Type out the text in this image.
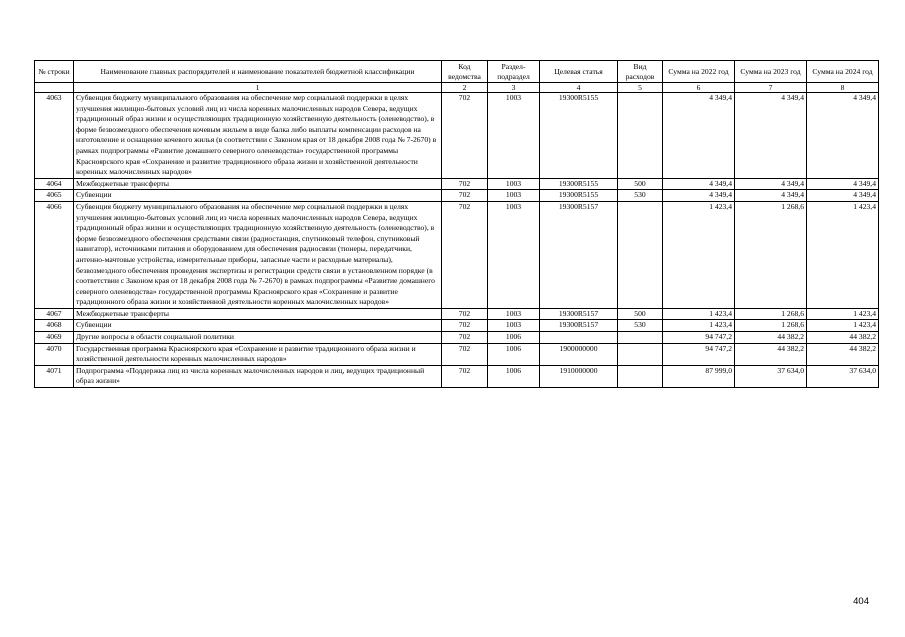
№ строки	Наименование главных распорядителей и наименование показателей бюджетной классификации	Код ведомства	Раздел-подраздел	Целевая статья	Вид расходов	Сумма на 2022 год	Сумма на 2023 год	Сумма на 2024 год
	1	2	3	4	5	6	7	8
4063	Субвенция бюджету муниципального образования на обеспечение мер социальной поддержки в целях улучшения жилищно-бытовых условий лиц из числа коренных малочисленных народов Севера, ведущих традиционный образ жизни и осуществляющих традиционную хозяйственную деятельность (оленеводство), в форме безвозмездного обеспечения кочевым жильем в виде балка либо выплаты компенсации расходов на изготовление и оснащение кочевого жилья (в соответствии с Законом края от 18 декабря 2008 года № 7-2670) в рамках подпрограммы «Развитие домашнего северного оленеводства» государственной программы Красноярского края «Сохранение и развитие традиционного образа жизни и хозяйственной деятельности коренных малочисленных народов»	702	1003	19300R5155		4 349,4	4 349,4	4 349,4
4064	Межбюджетные трансферты	702	1003	19300R5155	500	4 349,4	4 349,4	4 349,4
4065	Субвенции	702	1003	19300R5155	530	4 349,4	4 349,4	4 349,4
4066	Субвенция бюджету муниципального образования на обеспечение мер социальной поддержки в целях улучшения жилищно-бытовых условий лиц из числа коренных малочисленных народов Севера, ведущих традиционный образ жизни и осуществляющих традиционную хозяйственную деятельность (оленеводство), в форме безвозмездного обеспечения средствами связи (радиостанция, спутниковый телефон, спутниковый навигатор), источниками питания и оборудованием для обеспечения радиосвязи (тюнеры, передатчики, антенно-мачтовые устройства, измерительные приборы, запасные части и расходные материалы), безвозмездного обеспечения проведения экспертизы и регистрации средств связи в установленном порядке (в соответствии с Законом края от 18 декабря 2008 года № 7-2670) в рамках подпрограммы «Развитие домашнего северного оленеводства» государственной программы Красноярского края «Сохранение и развитие традиционного образа жизни и хозяйственной деятельности коренных малочисленных народов»	702	1003	19300R5157		1 423,4	1 268,6	1 423,4
4067	Межбюджетные трансферты	702	1003	19300R5157	500	1 423,4	1 268,6	1 423,4
4068	Субвенции	702	1003	19300R5157	530	1 423,4	1 268,6	1 423,4
4069	Другие вопросы в области социальной политики	702	1006			94 747,2	44 382,2	44 382,2
4070	Государственная программа Красноярского края «Сохранение и развитие традиционного образа жизни и хозяйственной деятельности коренных малочисленных народов»	702	1006	1900000000		94 747,2	44 382,2	44 382,2
4071	Подпрограмма «Поддержка лиц из числа коренных малочисленных народов и лиц, ведущих традиционный образ жизни»	702	1006	1910000000		87 999,0	37 634,0	37 634,0
404
